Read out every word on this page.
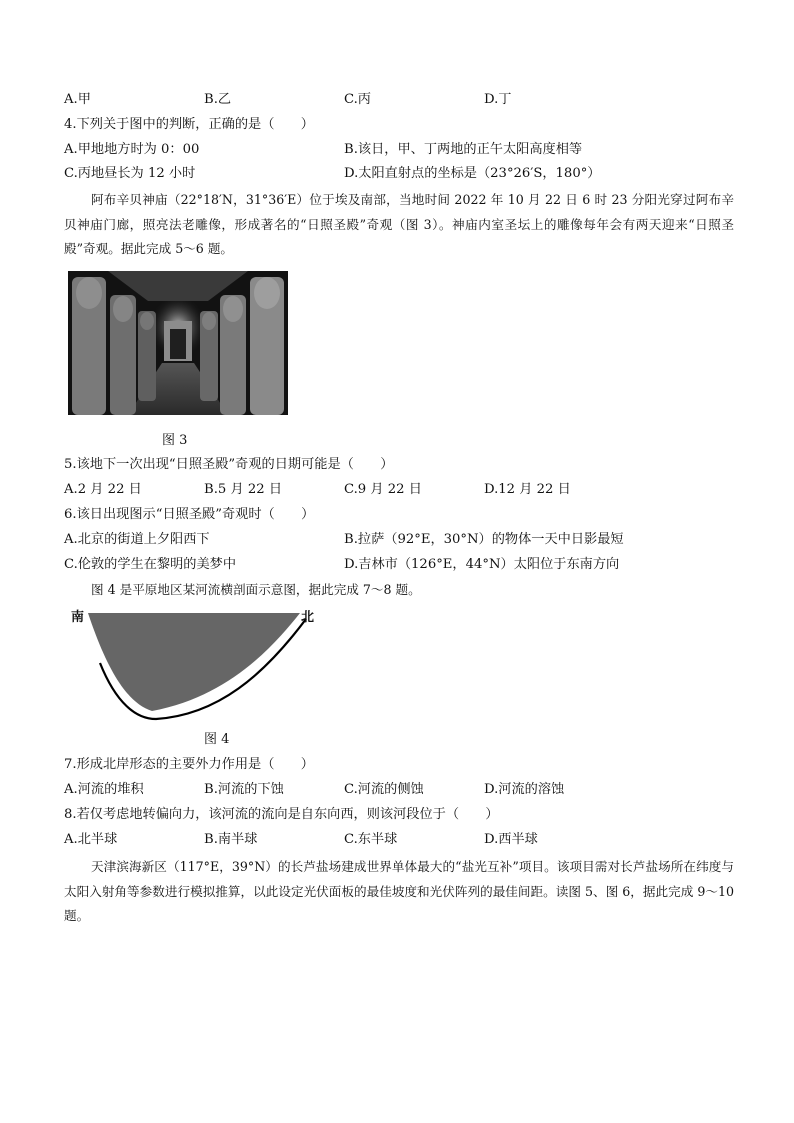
A.甲	B.乙	C.丙	D.丁
4.下列关于图中的判断，正确的是（　　）
A.甲地地方时为 0：00	B.该日，甲、丁两地的正午太阳高度相等
C.丙地昼长为 12 小时	D.太阳直射点的坐标是（23°26′S，180°）
阿布辛贝神庙（22°18′N，31°36′E）位于埃及南部，当地时间 2022 年 10 月 22 日 6 时 23 分阳光穿过阿布辛贝神庙门廊，照亮法老雕像，形成著名的“日照圣殿”奇观（图 3）。神庙内室圣坛上的雕像每年会有两天迎来“日照圣殿”奇观。据此完成 5～6 题。
图 3
5.该地下一次出现“日照圣殿”奇观的日期可能是（　　）
A.2 月 22 日	B.5 月 22 日	C.9 月 22 日	D.12 月 22 日
6.该日出现图示“日照圣殿”奇观时（　　）
A.北京的街道上夕阳西下	B.拉萨（92°E，30°N）的物体一天中日影最短
C.伦敦的学生在黎明的美梦中	D.吉林市（126°E，44°N）太阳位于东南方向
图 4 是平原地区某河流横剖面示意图，据此完成 7～8 题。
南	北
图 4
7.形成北岸形态的主要外力作用是（　　）
A.河流的堆积	B.河流的下蚀	C.河流的侧蚀	D.河流的溶蚀
8.若仅考虑地转偏向力，该河流的流向是自东向西，则该河段位于（　　）
A.北半球	B.南半球	C.东半球	D.西半球
天津滨海新区（117°E，39°N）的长芦盐场建成世界单体最大的“盐光互补”项目。该项目需对长芦盐场所在纬度与太阳入射角等参数进行模拟推算，以此设定光伏面板的最佳坡度和光伏阵列的最佳间距。读图 5、图 6，据此完成 9～10 题。
